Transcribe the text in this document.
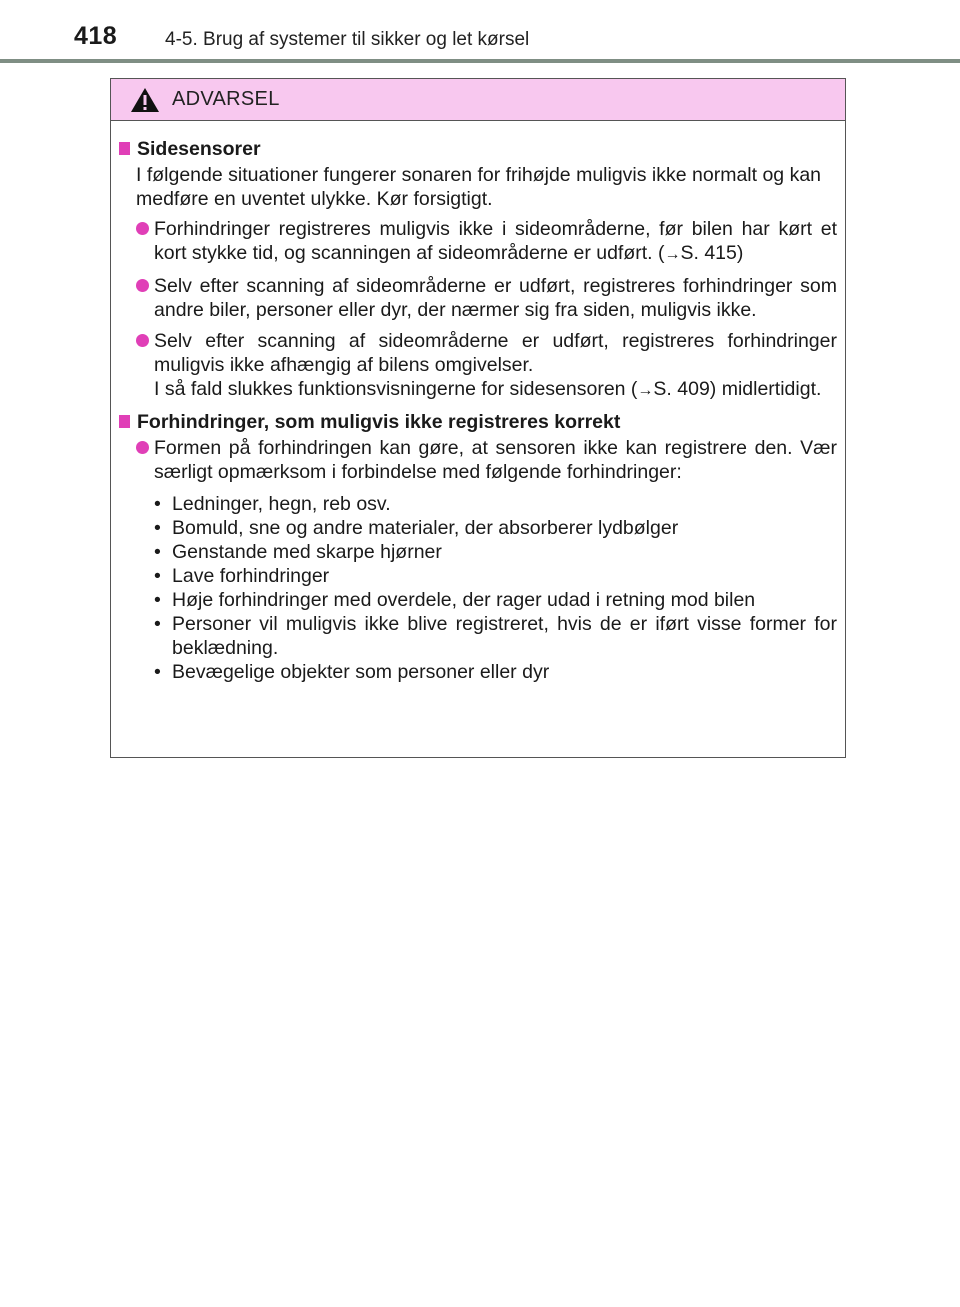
418	4-5. Brug af systemer til sikker og let kørsel
ADVARSEL
Sidesensorer
I følgende situationer fungerer sonaren for frihøjde muligvis ikke normalt og kan medføre en uventet ulykke. Kør forsigtigt.
Forhindringer registreres muligvis ikke i sideområderne, før bilen har kørt et kort stykke tid, og scanningen af sideområderne er udført. (→S. 415)
Selv efter scanning af sideområderne er udført, registreres forhindringer som andre biler, personer eller dyr, der nærmer sig fra siden, muligvis ikke.
Selv efter scanning af sideområderne er udført, registreres forhindringer muligvis ikke afhængig af bilens omgivelser.
I så fald slukkes funktionsvisningerne for sidesensoren (→S. 409) midlertidigt.
Forhindringer, som muligvis ikke registreres korrekt
Formen på forhindringen kan gøre, at sensoren ikke kan registrere den. Vær særligt opmærksom i forbindelse med følgende forhindringer:
• Ledninger, hegn, reb osv.
• Bomuld, sne og andre materialer, der absorberer lydbølger
• Genstande med skarpe hjørner
• Lave forhindringer
• Høje forhindringer med overdele, der rager udad i retning mod bilen
• Personer vil muligvis ikke blive registreret, hvis de er iført visse former for beklædning.
• Bevægelige objekter som personer eller dyr
